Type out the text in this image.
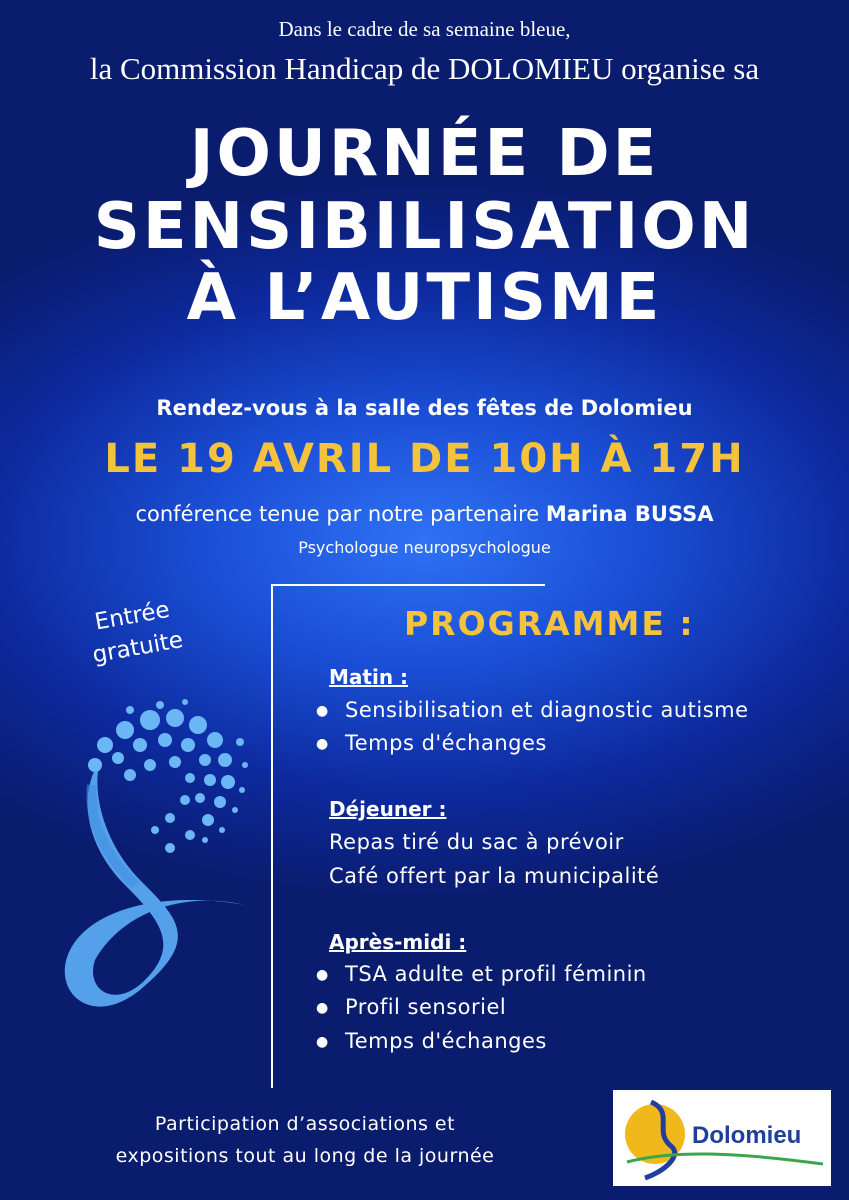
Dans le cadre de sa semaine bleue,
la Commission Handicap de DOLOMIEU organise sa
JOURNÉE DE
SENSIBILISATION
À L’AUTISME
Rendez-vous à la salle des fêtes de Dolomieu
LE 19 AVRIL DE 10H À 17H
conférence tenue par notre partenaire Marina BUSSA
Psychologue neuropsychologue
Entrée
gratuite
PROGRAMME :
Matin :
● Sensibilisation et diagnostic autisme
● Temps d'échanges
Déjeuner :
Repas tiré du sac à prévoir
Café offert par la municipalité
Après-midi :
● TSA adulte et profil féminin
● Profil sensoriel
● Temps d'échanges
Participation d’associations et
expositions tout au long de la journée
Dolomieu
